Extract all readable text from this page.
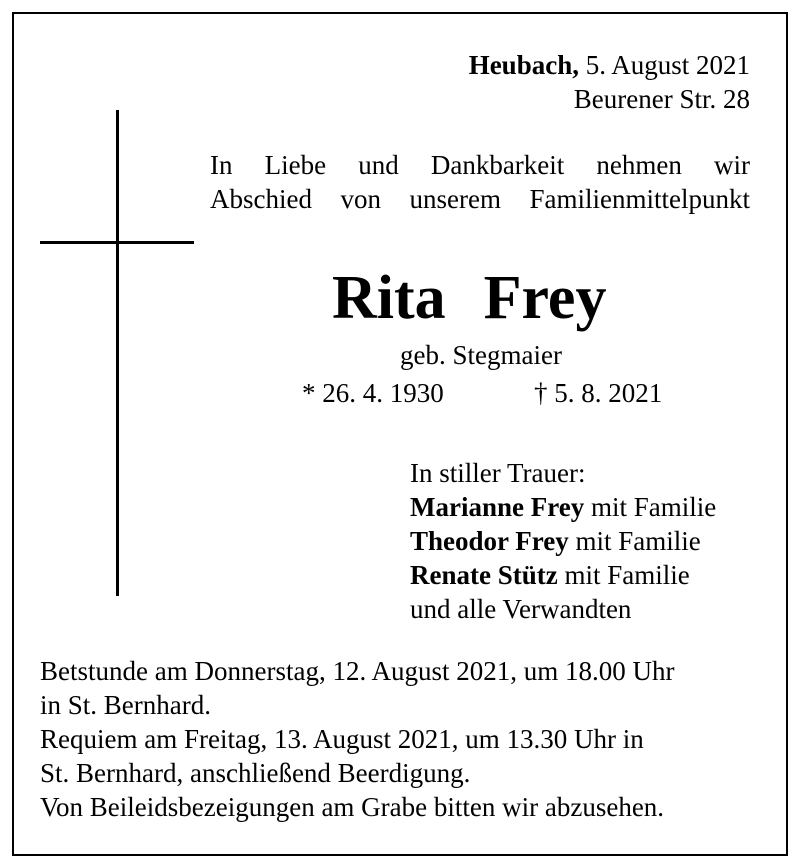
Heubach, 5. August 2021
Beurener Str. 28
In Liebe und Dankbarkeit nehmen wir
Abschied von unserem Familienmittelpunkt
Rita Frey
geb. Stegmaier
* 26. 4. 1930	† 5. 8. 2021
In stiller Trauer:
Marianne Frey mit Familie
Theodor Frey mit Familie
Renate Stütz mit Familie
und alle Verwandten
Betstunde am Donnerstag, 12. August 2021, um 18.00 Uhr
in St. Bernhard.
Requiem am Freitag, 13. August 2021, um 13.30 Uhr in
St. Bernhard, anschließend Beerdigung.
Von Beileidsbezeigungen am Grabe bitten wir abzusehen.
